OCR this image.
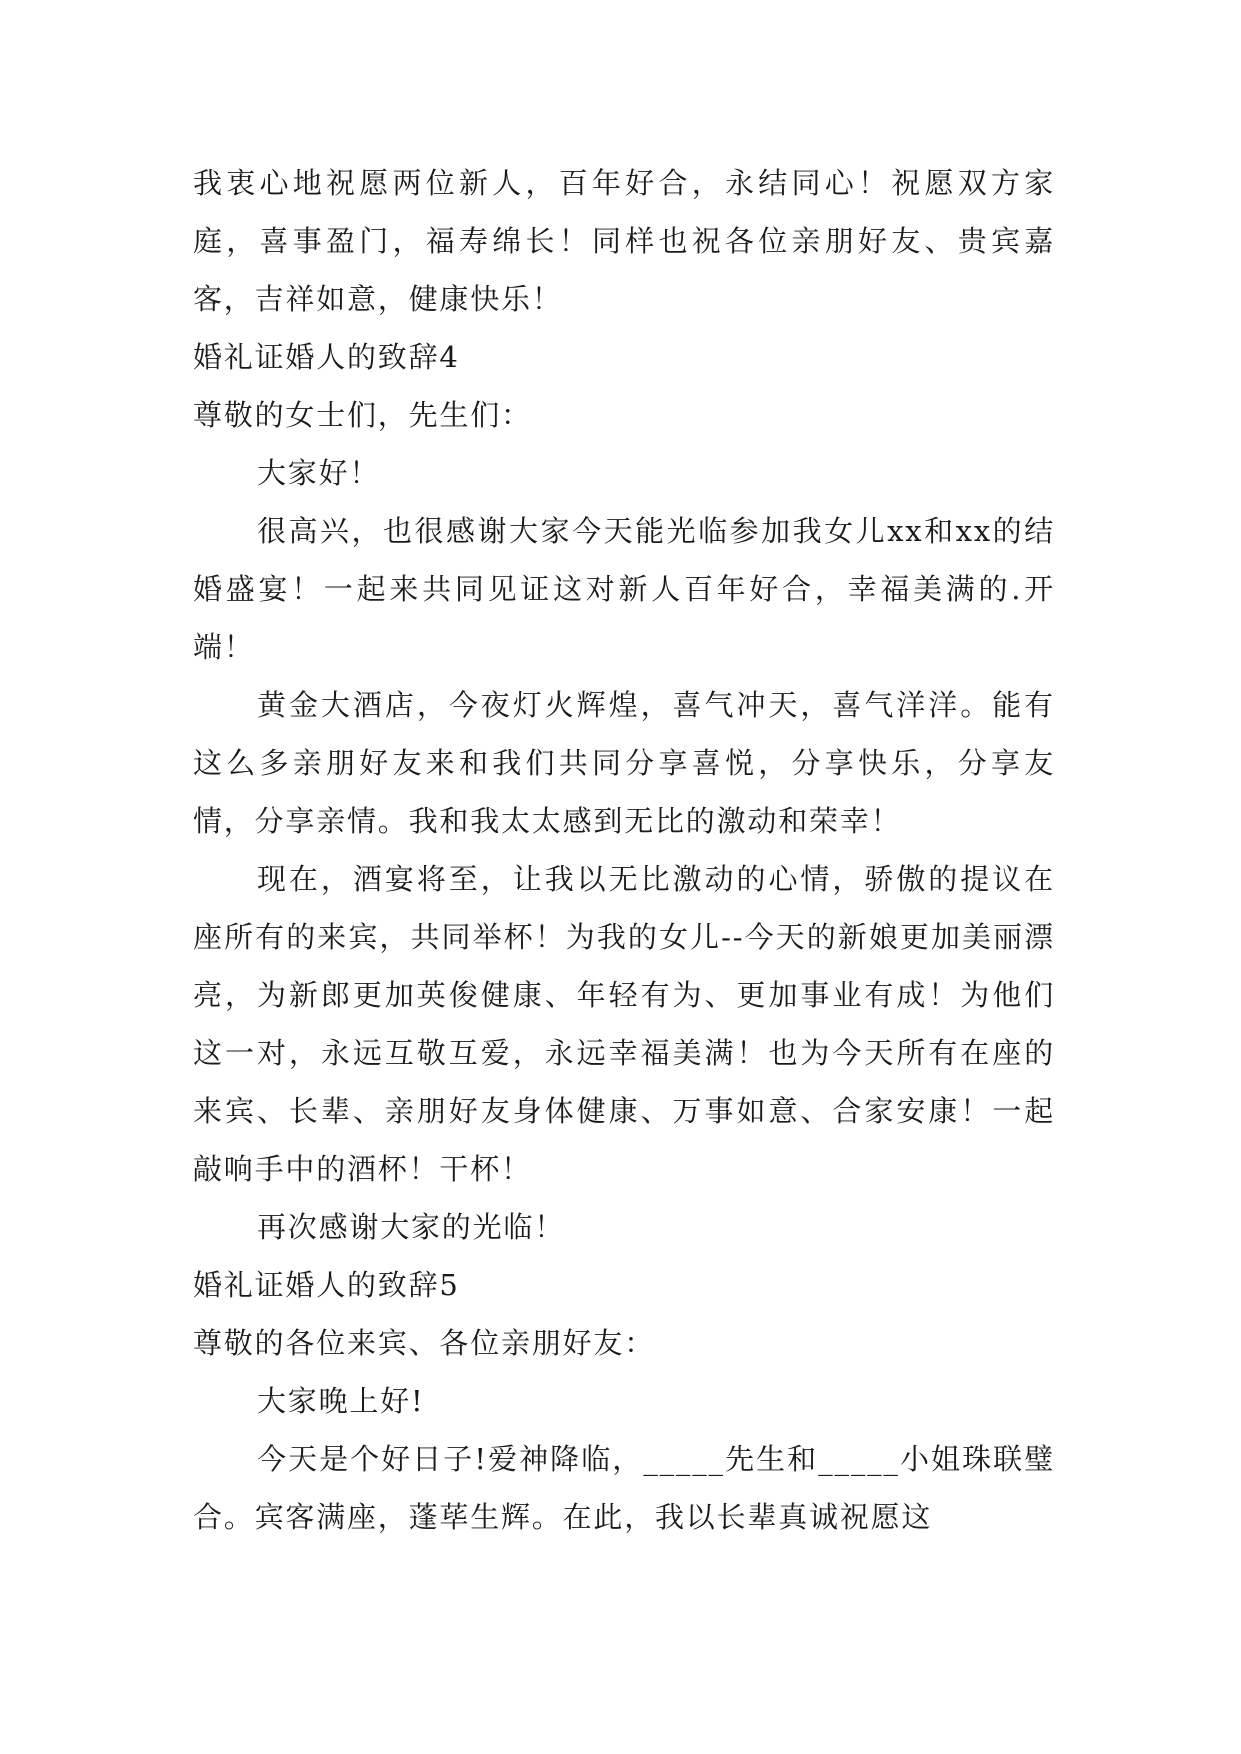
我衷心地祝愿两位新人，百年好合，永结同心！祝愿双方家庭，喜事盈门，福寿绵长！同样也祝各位亲朋好友、贵宾嘉客，吉祥如意，健康快乐！

婚礼证婚人的致辞4

尊敬的女士们，先生们：

大家好！

很高兴，也很感谢大家今天能光临参加我女儿xx和xx的结婚盛宴！一起来共同见证这对新人百年好合，幸福美满的.开端！

黄金大酒店，今夜灯火辉煌，喜气冲天，喜气洋洋。能有这么多亲朋好友来和我们共同分享喜悦，分享快乐，分享友情，分享亲情。我和我太太感到无比的激动和荣幸！

现在，酒宴将至，让我以无比激动的心情，骄傲的提议在座所有的来宾，共同举杯！为我的女儿--今天的新娘更加美丽漂亮，为新郎更加英俊健康、年轻有为、更加事业有成！为他们这一对，永远互敬互爱，永远幸福美满！也为今天所有在座的来宾、长辈、亲朋好友身体健康、万事如意、合家安康！一起敲响手中的酒杯！干杯！

再次感谢大家的光临！

婚礼证婚人的致辞5

尊敬的各位来宾、各位亲朋好友：

大家晚上好!

今天是个好日子!爱神降临，_____先生和_____小姐珠联璧合。宾客满座，蓬荜生辉。在此，我以长辈真诚祝愿这
